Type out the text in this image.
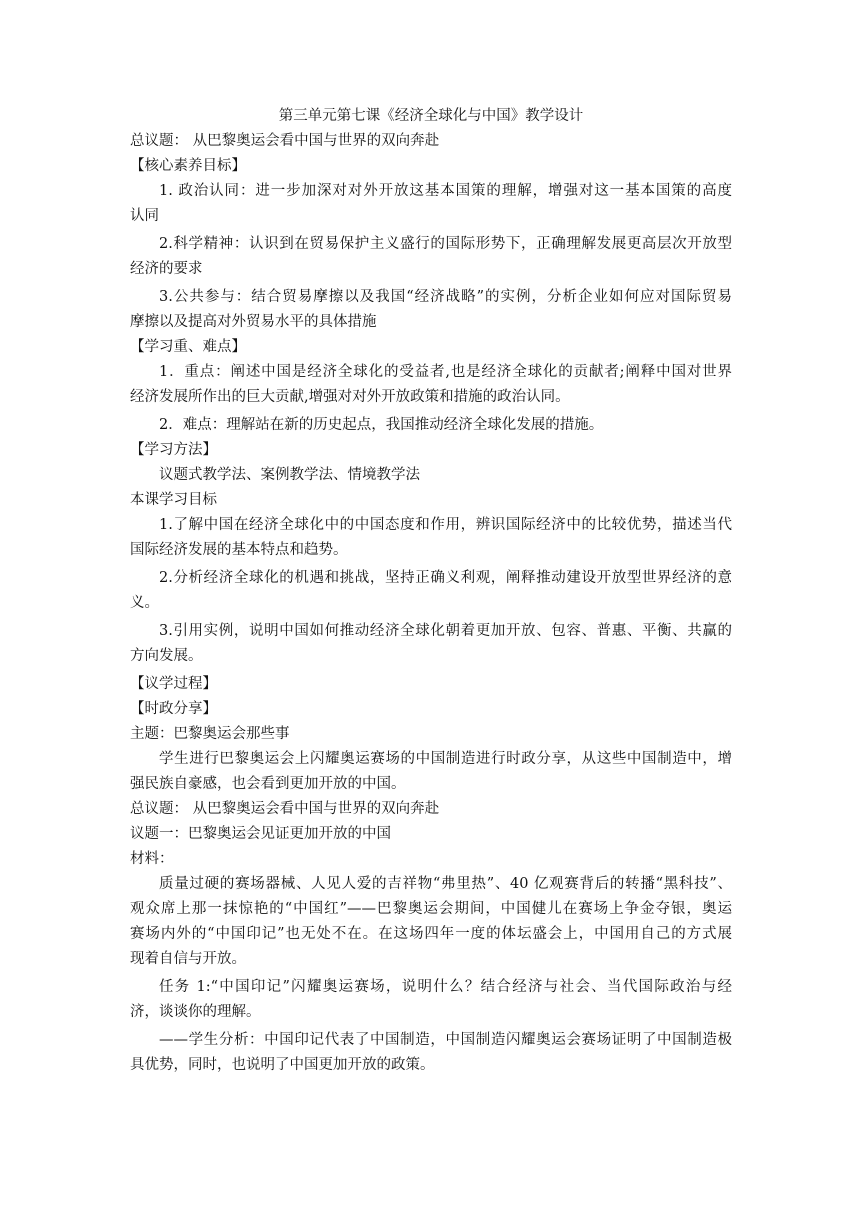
第三单元第七课《经济全球化与中国》教学设计
总议题： 从巴黎奥运会看中国与世界的双向奔赴
【核心素养目标】
1. 政治认同：进一步加深对对外开放这基本国策的理解，增强对这一基本国策的高度
认同
2.科学精神：认识到在贸易保护主义盛行的国际形势下，正确理解发展更高层次开放型
经济的要求
3.公共参与：结合贸易摩擦以及我国“经济战略”的实例，分析企业如何应对国际贸易
摩擦以及提高对外贸易水平的具体措施
【学习重、难点】
1．重点：阐述中国是经济全球化的受益者,也是经济全球化的贡献者;阐释中国对世界
经济发展所作出的巨大贡献,增强对对外开放政策和措施的政治认同。
2．难点：理解站在新的历史起点，我国推动经济全球化发展的措施。
【学习方法】
议题式教学法、案例教学法、情境教学法
本课学习目标
1.了解中国在经济全球化中的中国态度和作用，辨识国际经济中的比较优势，描述当代
国际经济发展的基本特点和趋势。
2.分析经济全球化的机遇和挑战，坚持正确义利观，阐释推动建设开放型世界经济的意
义。
3.引用实例，说明中国如何推动经济全球化朝着更加开放、包容、普惠、平衡、共赢的
方向发展。
【议学过程】
【时政分享】
主题：巴黎奥运会那些事
学生进行巴黎奥运会上闪耀奥运赛场的中国制造进行时政分享，从这些中国制造中，增
强民族自豪感，也会看到更加开放的中国。
总议题： 从巴黎奥运会看中国与世界的双向奔赴
议题一：巴黎奥运会见证更加开放的中国
材料：
质量过硬的赛场器械、人见人爱的吉祥物“弗里热”、40 亿观赛背后的转播“黑科技”、
观众席上那一抹惊艳的“中国红”——巴黎奥运会期间，中国健儿在赛场上争金夺银，奥运
赛场内外的“中国印记”也无处不在。在这场四年一度的体坛盛会上，中国用自己的方式展
现着自信与开放。
任务 1:“中国印记”闪耀奥运赛场，说明什么？结合经济与社会、当代国际政治与经
济，谈谈你的理解。
——学生分析：中国印记代表了中国制造，中国制造闪耀奥运会赛场证明了中国制造极
具优势，同时，也说明了中国更加开放的政策。
